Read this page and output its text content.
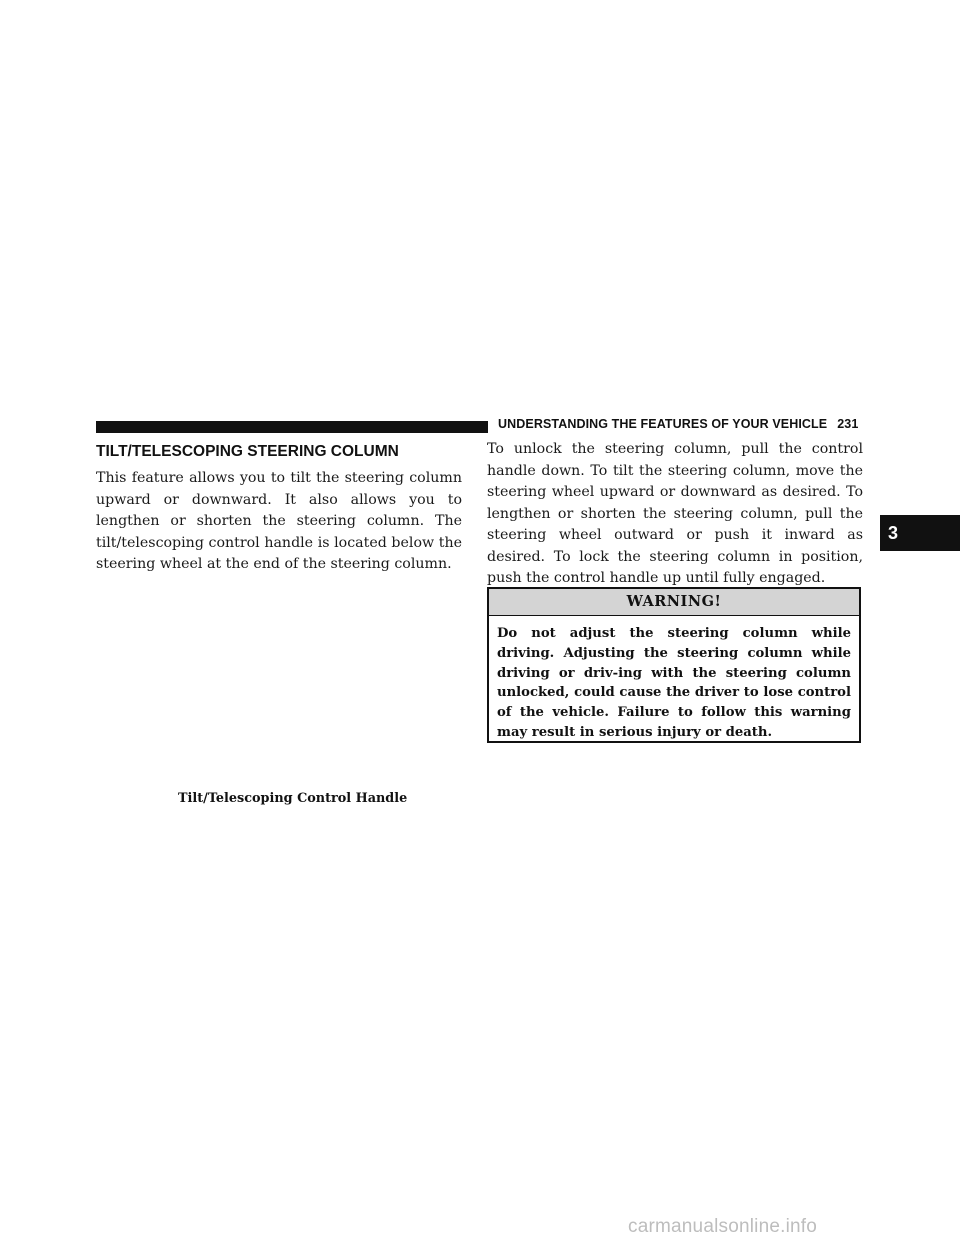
UNDERSTANDING THE FEATURES OF YOUR VEHICLE 231
3
TILT/TELESCOPING STEERING COLUMN

This feature allows you to tilt the steering column upward or downward. It also allows you to lengthen or shorten the steering column. The tilt/telescoping control handle is located below the steering wheel at the end of the steering column.

Tilt/Telescoping Control Handle

To unlock the steering column, pull the control handle down. To tilt the steering column, move the steering wheel upward or downward as desired. To lengthen or shorten the steering column, pull the steering wheel outward or push it inward as desired. To lock the steering column in position, push the control handle up until fully engaged.

WARNING!

Do not adjust the steering column while driving. Adjusting the steering column while driving or driv-ing with the steering column unlocked, could cause the driver to lose control of the vehicle. Failure to follow this warning may result in serious injury or death.

carmanualsonline.info
